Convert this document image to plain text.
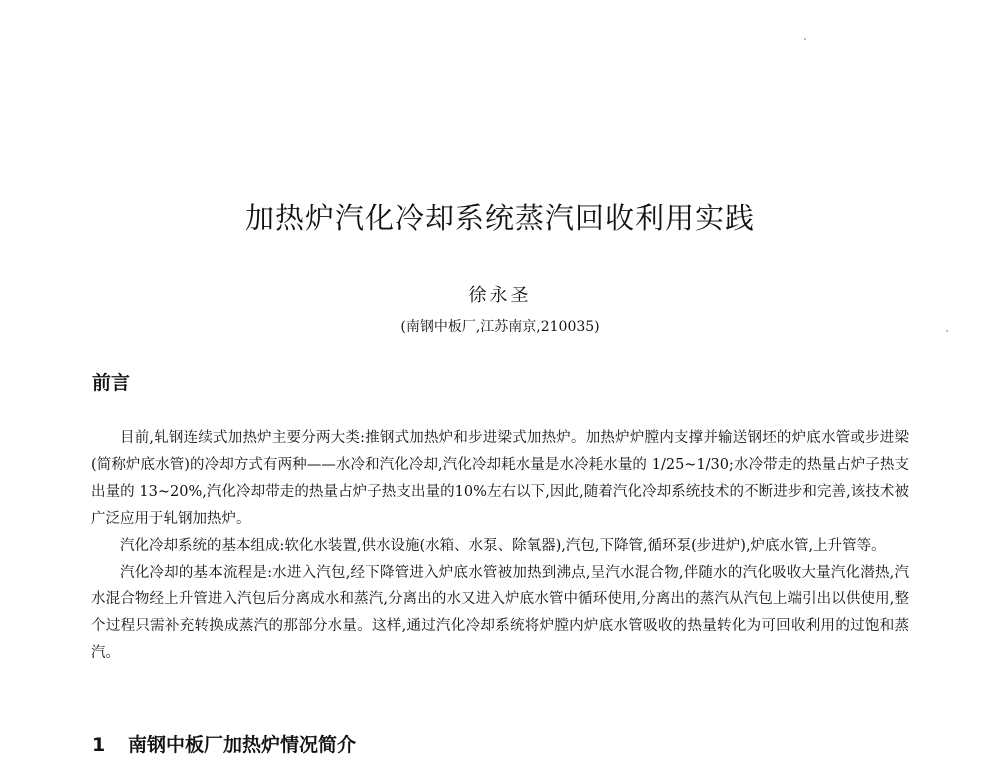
加热炉汽化冷却系统蒸汽回收利用实践
徐永圣
(南钢中板厂,江苏南京,210035)
前言

目前,轧钢连续式加热炉主要分两大类:推钢式加热炉和步进梁式加热炉。加热炉炉膛内支撑并输送钢坯的炉底水管或步进梁(简称炉底水管)的冷却方式有两种——水冷和汽化冷却,汽化冷却耗水量是水冷耗水量的 1/25~1/30;水冷带走的热量占炉子热支出量的 13~20%,汽化冷却带走的热量占炉子热支出量的10%左右以下,因此,随着汽化冷却系统技术的不断进步和完善,该技术被广泛应用于轧钢加热炉。

汽化冷却系统的基本组成:软化水装置,供水设施(水箱、水泵、除氧器),汽包,下降管,循环泵(步进炉),炉底水管,上升管等。

汽化冷却的基本流程是:水进入汽包,经下降管进入炉底水管被加热到沸点,呈汽水混合物,伴随水的汽化吸收大量汽化潜热,汽水混合物经上升管进入汽包后分离成水和蒸汽,分离出的水又进入炉底水管中循环使用,分离出的蒸汽从汽包上端引出以供使用,整个过程只需补充转换成蒸汽的那部分水量。这样,通过汽化冷却系统将炉膛内炉底水管吸收的热量转化为可回收利用的过饱和蒸汽。

1 南钢中板厂加热炉情况简介
